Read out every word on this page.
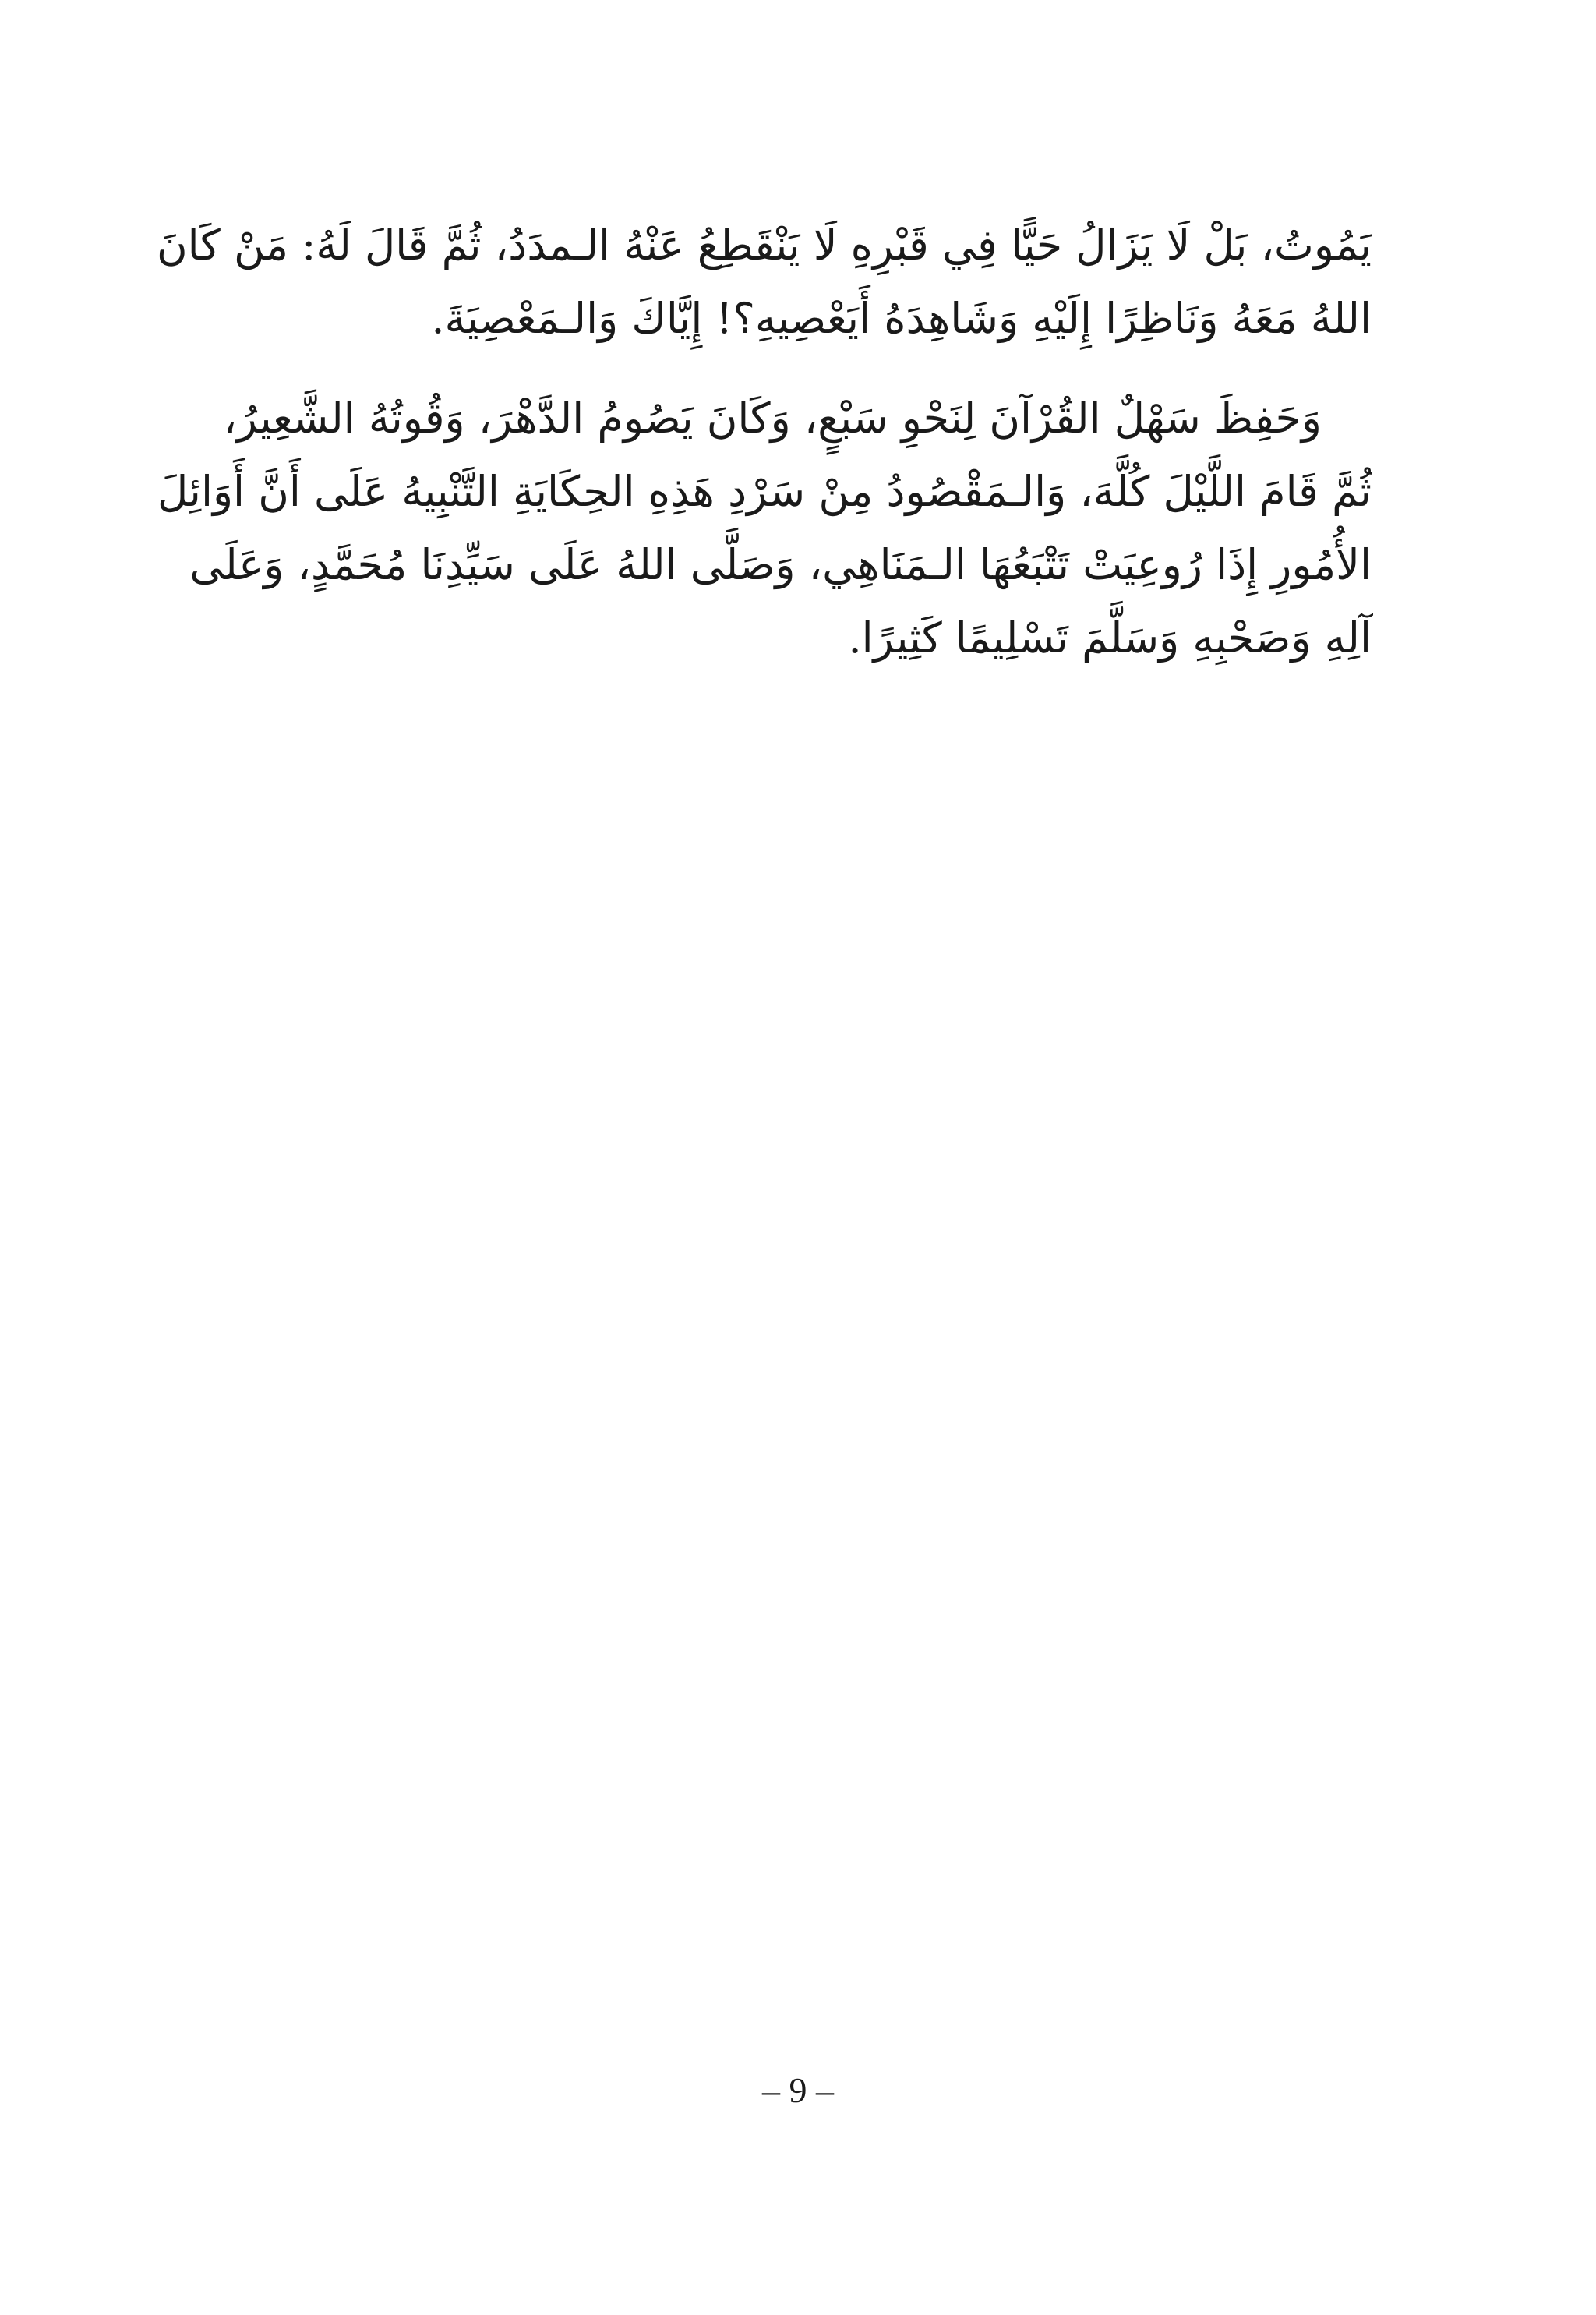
يَمُوتُ، بَلْ لَا يَزَالُ حَيًّا فِي قَبْرِهِ لَا يَنْقَطِعُ عَنْهُ الـمدَدُ، ثُمَّ قَالَ لَهُ: مَنْ كَانَ
اللهُ مَعَهُ وَنَاظِرًا إِلَيْهِ وَشَاهِدَهُ أَيَعْصِيهِ؟! إِيَّاكَ وَالـمَعْصِيَةَ.

وَحَفِظَ سَهْلٌ القُرْآنَ لِنَحْوِ سَبْعٍ، وَكَانَ يَصُومُ الدَّهْرَ، وَقُوتُهُ الشَّعِيرُ،
ثُمَّ قَامَ اللَّيْلَ كُلَّهَ، وَالـمَقْصُودُ مِنْ سَرْدِ هَذِهِ الحِكَايَةِ التَّنْبِيهُ عَلَى أَنَّ أَوَائِلَ
الأُمُورِ إِذَا رُوعِيَتْ تَتْبَعُهَا الـمَنَاهِي، وَصَلَّى اللهُ عَلَى سَيِّدِنَا مُحَمَّدٍ، وَعَلَى
آلِهِ وَصَحْبِهِ وَسَلَّمَ تَسْلِيمًا كَثِيرًا.

– 9 –
